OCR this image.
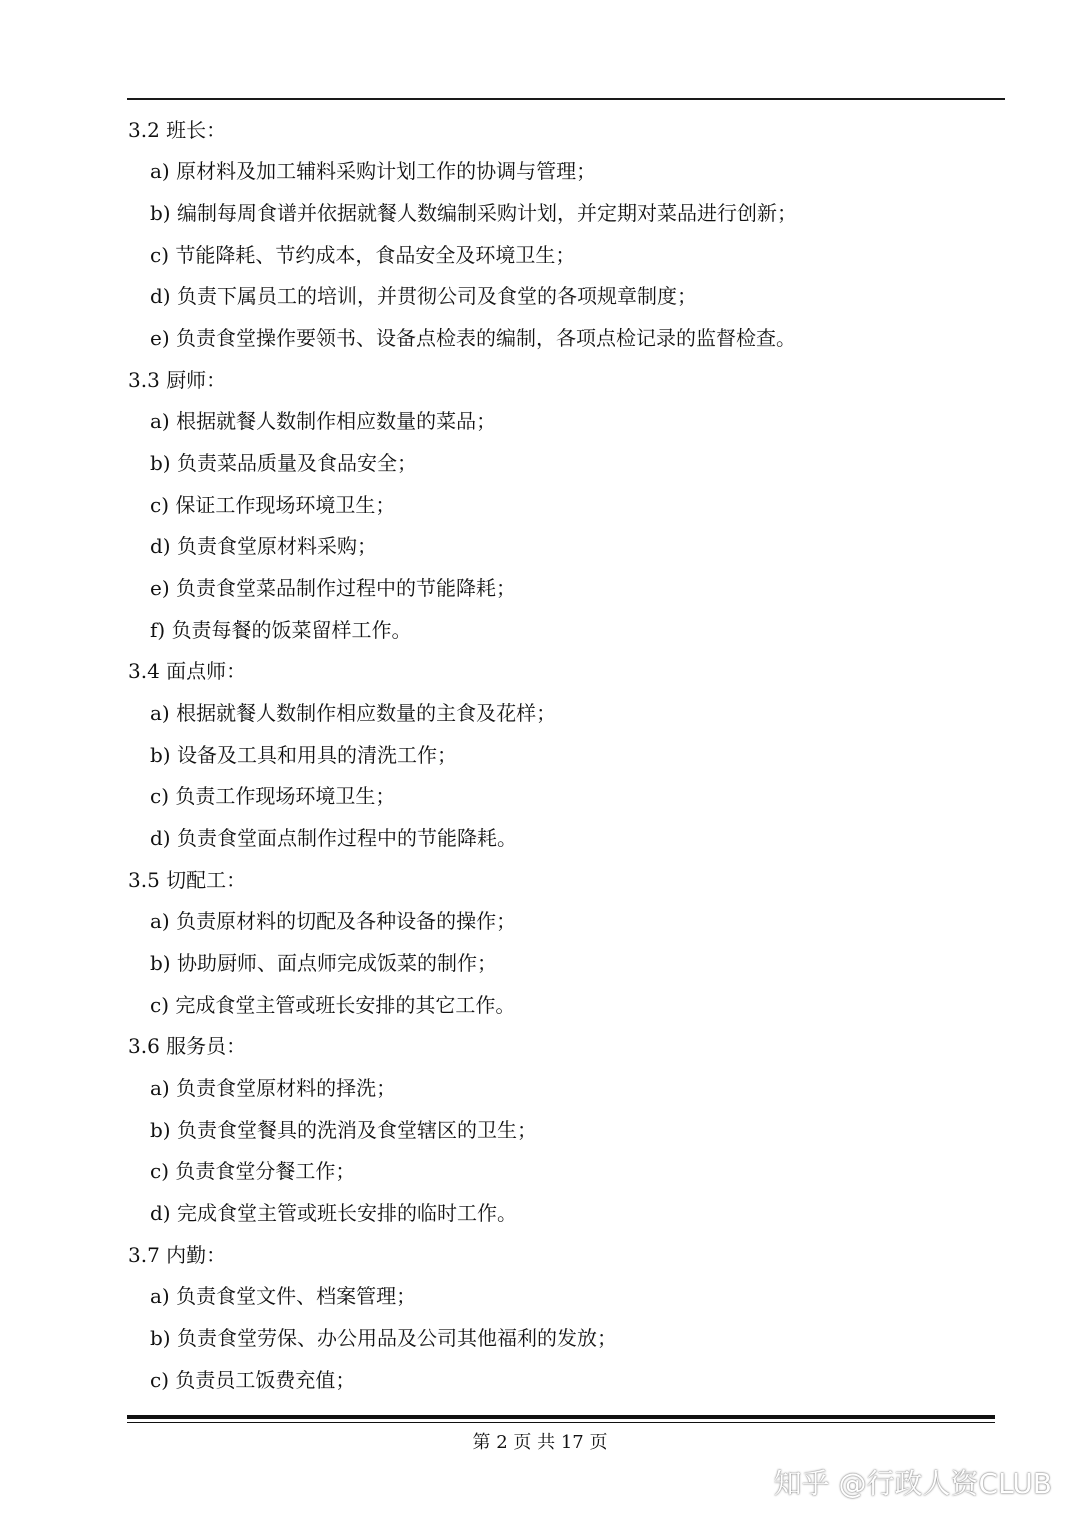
3.2 班长：
a) 原材料及加工辅料采购计划工作的协调与管理；
b) 编制每周食谱并依据就餐人数编制采购计划，并定期对菜品进行创新；
c) 节能降耗、节约成本，食品安全及环境卫生；
d) 负责下属员工的培训，并贯彻公司及食堂的各项规章制度；
e) 负责食堂操作要领书、设备点检表的编制，各项点检记录的监督检查。
3.3 厨师：
a) 根据就餐人数制作相应数量的菜品；
b) 负责菜品质量及食品安全；
c) 保证工作现场环境卫生；
d) 负责食堂原材料采购；
e) 负责食堂菜品制作过程中的节能降耗；
f) 负责每餐的饭菜留样工作。
3.4 面点师：
a) 根据就餐人数制作相应数量的主食及花样；
b) 设备及工具和用具的清洗工作；
c) 负责工作现场环境卫生；
d) 负责食堂面点制作过程中的节能降耗。
3.5 切配工：
a) 负责原材料的切配及各种设备的操作；
b) 协助厨师、面点师完成饭菜的制作；
c) 完成食堂主管或班长安排的其它工作。
3.6 服务员：
a) 负责食堂原材料的择洗；
b) 负责食堂餐具的洗消及食堂辖区的卫生；
c) 负责食堂分餐工作；
d) 完成食堂主管或班长安排的临时工作。
3.7 内勤：
a) 负责食堂文件、档案管理；
b) 负责食堂劳保、办公用品及公司其他福利的发放；
c) 负责员工饭费充值；
第 2 页 共 17 页
知乎 @行政人资CLUB
